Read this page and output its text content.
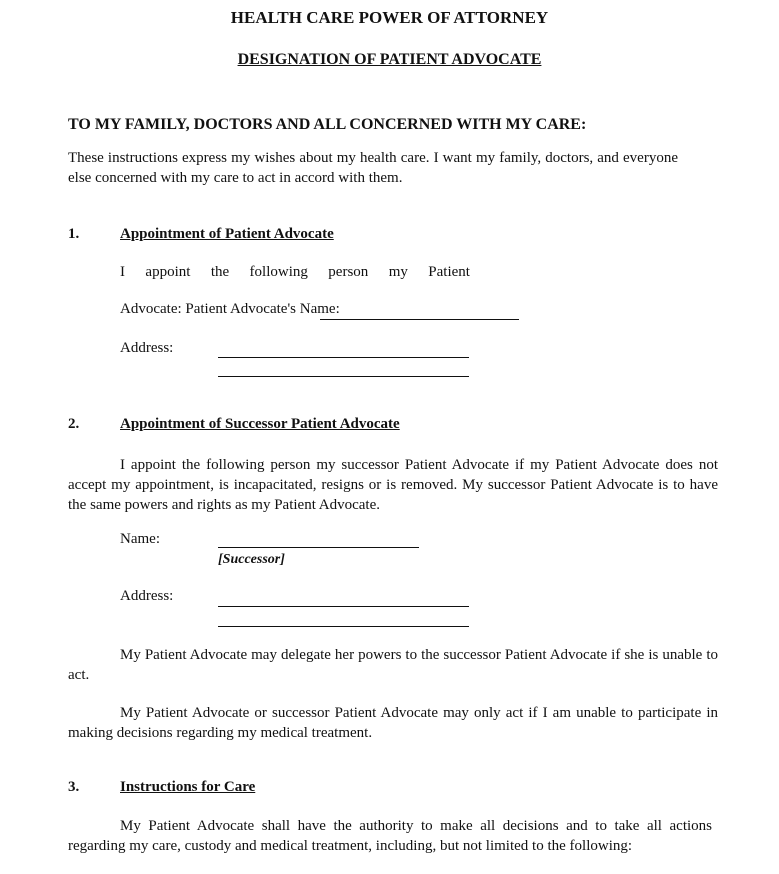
HEALTH CARE POWER OF ATTORNEY
DESIGNATION OF PATIENT ADVOCATE
TO MY FAMILY, DOCTORS AND ALL CONCERNED WITH MY CARE:
These instructions express my wishes about my health care. I want my family, doctors, and everyone else concerned with my care to act in accord with them.
1.	Appointment of Patient Advocate
I appoint the following person my Patient
Advocate: Patient Advocate's Name:
Address:
2.	Appointment of Successor Patient Advocate
I appoint the following person my successor Patient Advocate if my Patient Advocate does not accept my appointment, is incapacitated, resigns or is removed. My successor Patient Advocate is to have the same powers and rights as my Patient Advocate.
Name:
[Successor]
Address:
My Patient Advocate may delegate her powers to the successor Patient Advocate if she is unable to act.
My Patient Advocate or successor Patient Advocate may only act if I am unable to participate in making decisions regarding my medical treatment.
3.	Instructions for Care
My Patient Advocate shall have the authority to make all decisions and to take all actions regarding my care, custody and medical treatment, including, but not limited to the following:
